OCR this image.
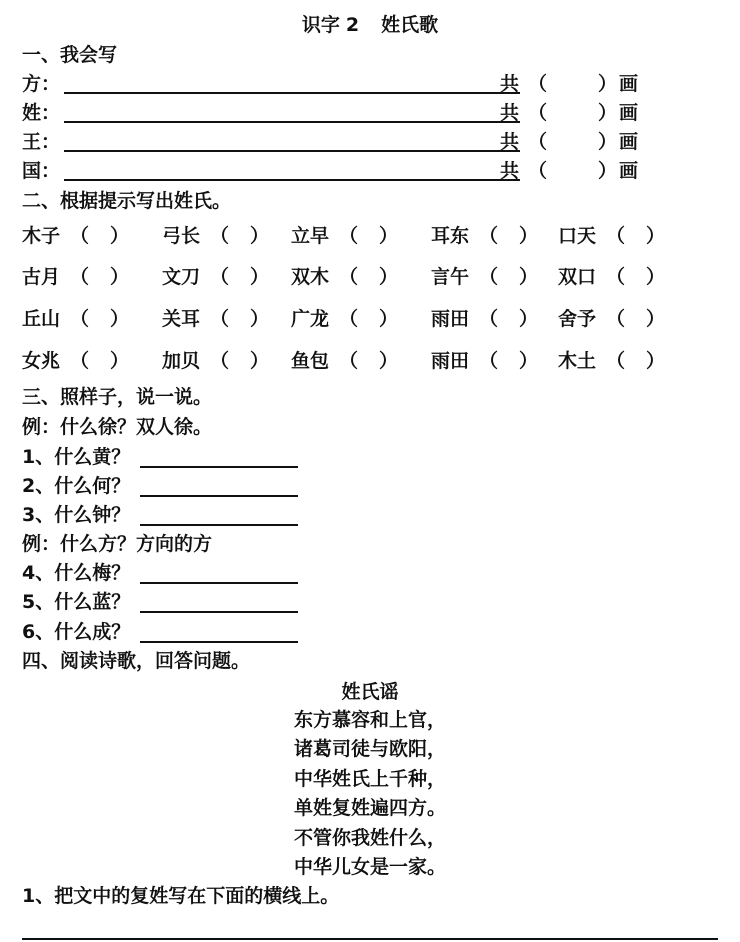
识字 2 姓氏歌
一、我会写
方：	共 （	） 画
姓：	共 （	） 画
王：	共 （	） 画
国：	共 （	） 画
二、根据提示写出姓氏。
木子 （ ） 弓长 （ ） 立早 （ ） 耳东 （ ） 口天 （ ）
古月 （ ） 文刀 （ ） 双木 （ ） 言午 （ ） 双口 （ ）
丘山 （ ） 关耳 （ ） 广龙 （ ） 雨田 （ ） 舍予 （ ）
女兆 （ ） 加贝 （ ） 鱼包 （ ） 雨田 （ ） 木土 （ ）
三、照样子，说一说。
例：什么徐？双人徐。
1、什么黄？
2、什么何？
3、什么钟？
例：什么方？方向的方
4、什么梅？
5、什么蓝？
6、什么成？
四、阅读诗歌，回答问题。
姓氏谣
东方慕容和上官，
诸葛司徒与欧阳，
中华姓氏上千种，
单姓复姓遍四方。
不管你我姓什么，
中华儿女是一家。
1、把文中的复姓写在下面的横线上。
